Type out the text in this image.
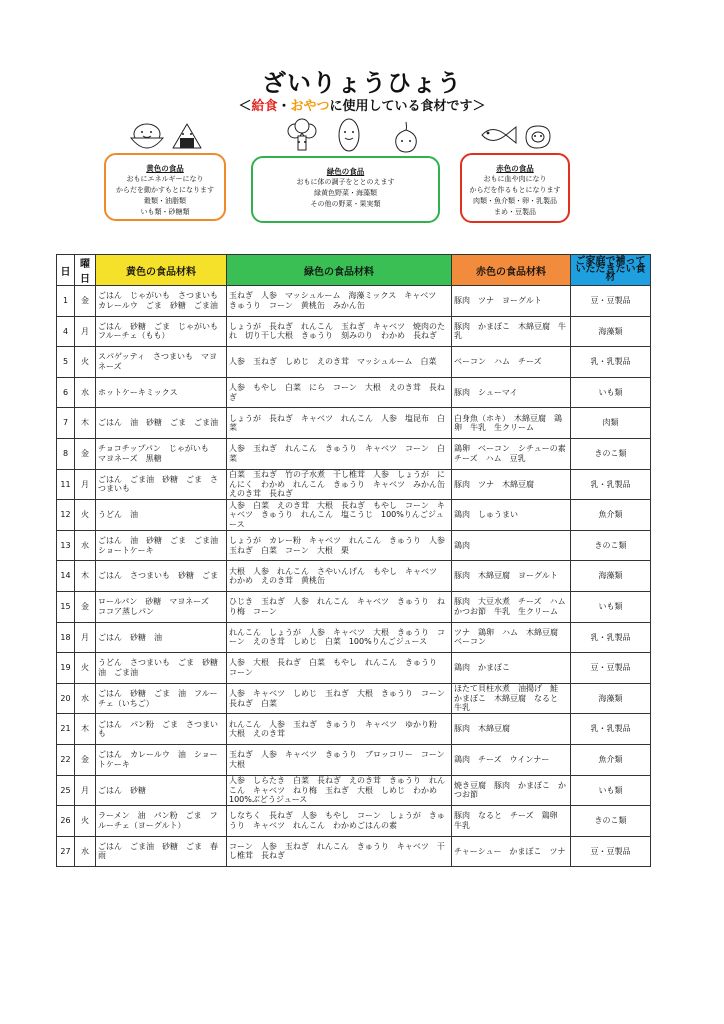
ざいりょうひょう
＜給食・おやつに使用している食材です＞
黄色の食品
おもにエネルギーになり
からだを動かすもとになります
穀類・油脂類
いも類・砂糖類
緑色の食品
おもに体の調子をととのえます
緑黄色野菜・海藻類
その他の野菜・果実類
赤色の食品
おもに血や肉になり
からだを作るもとになります
肉類・魚介類・卵・乳製品
まめ・豆製品
日	曜日	黄色の食品材料	緑色の食品材料	赤色の食品材料	ご家庭で補っていただきたい食材
1	金	ごはん　じゃがいも　さつまいも　カレールウ　ごま　砂糖　ごま油	玉ねぎ　人参　マッシュルーム　海藻ミックス　キャベツ　きゅうり　コーン　黄桃缶　みかん缶	豚肉　ツナ　ヨーグルト	豆・豆製品
4	月	ごはん　砂糖　ごま　じゃがいも　フルーチェ（もも）	しょうが　長ねぎ　れんこん　玉ねぎ　キャベツ　焼肉のたれ　切り干し大根　きゅうり　刻みのり　わかめ　長ねぎ	豚肉　かまぼこ　木綿豆腐　牛乳	海藻類
5	火	スパゲッティ　さつまいも　マヨネーズ	人参　玉ねぎ　しめじ　えのき茸　マッシュルーム　白菜	ベーコン　ハム　チーズ	乳・乳製品
6	水	ホットケーキミックス	人参　もやし　白菜　にら　コーン　大根　えのき茸　長ねぎ	豚肉　シューマイ	いも類
7	木	ごはん　油　砂糖　ごま　ごま油	しょうが　長ねぎ　キャベツ　れんこん　人参　塩昆布　白菜	白身魚（ホキ）　木綿豆腐　鶏卵　牛乳　生クリーム	肉類
8	金	チョコチップパン　じゃがいも　マヨネーズ　黒糖	人参　玉ねぎ　れんこん　きゅうり　キャベツ　コーン　白菜	鶏卵　ベーコン　シチューの素　チーズ　ハム　豆乳	きのこ類
11	月	ごはん　ごま油　砂糖　ごま　さつまいも	白菜　玉ねぎ　竹の子水煮　干し椎茸　人参　しょうが　にんにく　わかめ　れんこん　きゅうり　キャベツ　みかん缶　えのき茸　長ねぎ	豚肉　ツナ　木綿豆腐	乳・乳製品
12	火	うどん　油	人参　白菜　えのき茸　大根　長ねぎ　もやし　コーン　キャベツ　きゅうり　れんこん　塩こうじ　100%りんごジュース	鶏肉　しゅうまい	魚介類
13	水	ごはん　油　砂糖　ごま　ごま油　ショートケーキ	しょうが　カレー粉　キャベツ　れんこん　きゅうり　人参　玉ねぎ　白菜　コーン　大根　栗	鶏肉	きのこ類
14	木	ごはん　さつまいも　砂糖　ごま	大根　人参　れんこん　さやいんげん　もやし　キャベツ　わかめ　えのき茸　黄桃缶	豚肉　木綿豆腐　ヨーグルト	海藻類
15	金	ロールパン　砂糖　マヨネーズ　ココア蒸しパン	ひじき　玉ねぎ　人参　れんこん　キャベツ　きゅうり　ねり梅　コーン	豚肉　大豆水煮　チーズ　ハム　かつお節　牛乳　生クリーム	いも類
18	月	ごはん　砂糖　油	れんこん　しょうが　人参　キャベツ　大根　きゅうり　コーン　えのき茸　しめじ　白菜　100%りんごジュース	ツナ　鶏卵　ハム　木綿豆腐　ベーコン	乳・乳製品
19	火	うどん　さつまいも　ごま　砂糖　油　ごま油	人参　大根　長ねぎ　白菜　もやし　れんこん　きゅうり　コーン	鶏肉　かまぼこ	豆・豆製品
20	水	ごはん　砂糖　ごま　油　フルーチェ（いちご）	人参　キャベツ　しめじ　玉ねぎ　大根　きゅうり　コーン　長ねぎ　白菜	ほたて貝柱水煮　油揚げ　鮭　かまぼこ　木綿豆腐　なると　牛乳	海藻類
21	木	ごはん　パン粉　ごま　さつまいも	れんこん　人参　玉ねぎ　きゅうり　キャベツ　ゆかり粉　大根　えのき茸	豚肉　木綿豆腐	乳・乳製品
22	金	ごはん　カレールウ　油　ショートケーキ	玉ねぎ　人参　キャベツ　きゅうり　ブロッコリー　コーン　大根	鶏肉　チーズ　ウインナー	魚介類
25	月	ごはん　砂糖	人参　しらたき　白菜　長ねぎ　えのき茸　きゅうり　れんこん　キャベツ　ねり梅　玉ねぎ　大根　しめじ　わかめ　100%ぶどうジュース	焼き豆腐　豚肉　かまぼこ　かつお節	いも類
26	火	ラーメン　油　パン粉　ごま　フルーチェ（ヨーグルト）	しなちく　長ねぎ　人参　もやし　コーン　しょうが　きゅうり　キャベツ　れんこん　わかめごはんの素	豚肉　なると　チーズ　鶏卵　牛乳	きのこ類
27	水	ごはん　ごま油　砂糖　ごま　春雨	コーン　人参　玉ねぎ　れんこん　きゅうり　キャベツ　干し椎茸　長ねぎ	チャーシュー　かまぼこ　ツナ	豆・豆製品
